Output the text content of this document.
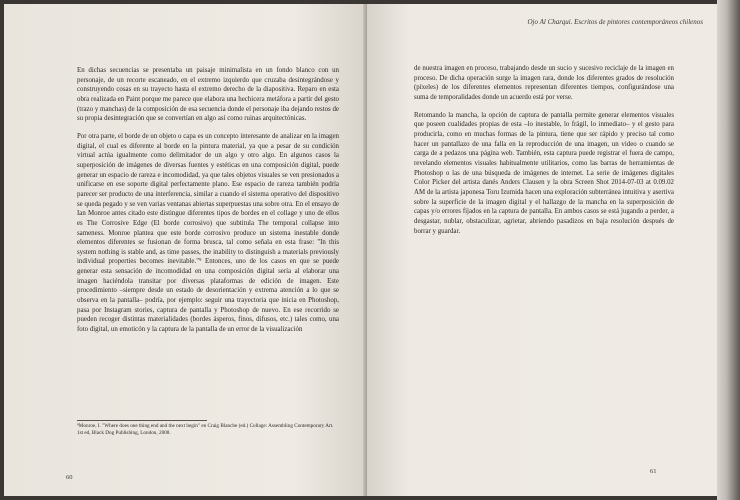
En dichas secuencias se presentaba un paisaje minimalista en un fondo blanco con un personaje, de un recorte escaneado, en el extremo izquierdo que cruzaba desintegrándose y construyendo cosas en su trayecto hasta el extremo derecho de la diapositiva. Reparo en esta obra realizada en Paint porque me parece que elabora una hechicera metáfora a partir del gesto (trazo y manchas) de la composición de esa secuencia donde el personaje iba dejando restos de su propia desintegración que se convertían en algo así como ruinas arquitectónicas.

Por otra parte, el borde de un objeto o capa es un concepto interesante de analizar en la imagen digital, el cual es diferente al borde en la pintura material, ya que a pesar de su condición virtual actúa igualmente como delimitador de un algo y otro algo. En algunos casos la superposición de imágenes de diversas fuentes y estéticas en una composición digital, puede generar un espacio de rareza e incomodidad, ya que tales objetos visuales se ven presionados a unificarse en ese soporte digital perfectamente plano. Ese espacio de rareza también podría parecer ser producto de una interferencia, similar a cuando el sistema operativo del dispositivo se queda pegado y se ven varias ventanas abiertas superpuestas una sobre otra. En el ensayo de Ian Monroe antes citado este distingue diferentes tipos de bordes en el collage y uno de ellos es The Corrosive Edge (El borde corrosivo) que subtitula The temporal collapse into sameness. Monroe plantea que este borde corrosivo produce un sistema inestable donde elementos diferentes se fusionan de forma brusca, tal como señala en esta frase: "In this system nothing is stable and, as time passes, the inability to distinguish a materials previously individual properties becomes inevitable."⁹ Entonces, uno de los casos en que se puede generar esta sensación de incomodidad en una composición digital sería al elaborar una imagen haciéndola transitar por diversas plataformas de edición de imagen. Este procedimiento –siempre desde un estado de desorientación y extrema atención a lo que se observa en la pantalla– podría, por ejemplo: seguir una trayectoria que inicia en Photoshop, pasa por Instagram stories, captura de pantalla y Photoshop de nuevo. En ese recorrido se pueden recoger distintas materialidades (bordes ásperos, finos, difusos, etc.) tales como, una foto digital, un emoticón y la captura de la pantalla de un error de la visualización

⁹Monroe, I. "Where does one thing end and the next begin" en Craig Blanche (ed.) Collage: Assembling Contemporary Art. 1st ed, Black Dog Publishing, London, 2008.
60
Ojo Al Charqui. Escritos de pintores contemporáneos chilenos

de nuestra imagen en proceso, trabajando desde un sucio y sucesivo reciclaje de la imagen en proceso. De dicha operación surge la imagen rara, donde los diferentes grados de resolución (píxeles) de los diferentes elementos representan diferentes tiempos, configurándose una suma de temporalidades donde un acuerdo está por verse.

Retomando la mancha, la opción de captura de pantalla permite generar elementos visuales que poseen cualidades propias de esta –lo inestable, lo frágil, lo inmediato– y el gesto para producirla, como en muchas formas de la pintura, tiene que ser rápido y preciso tal como hacer un pantallazo de una falla en la reproducción de una imagen, un video o cuando se carga de a pedazos una página web. También, esta captura puede registrar el fuera de campo, revelando elementos visuales habitualmente utilitarios, como las barras de herramientas de Photoshop o las de una búsqueda de imágenes de internet. La serie de imágenes digitales Color Picker del artista danés Anders Clausen y la obra Screen Shot 2014-07-03 at 0.09.02 AM de la artista japonesa Toru Izumida hacen una exploración subterránea intuitiva y asertiva sobre la superficie de la imagen digital y el hallazgo de la mancha en la superposición de capas y/o errores fijados en la captura de pantalla. En ambos casos se está jugando a perder, a desgastar, nublar, obstaculizar, agrietar, abriendo pasadizos en baja resolución después de borrar y guardar.

61
